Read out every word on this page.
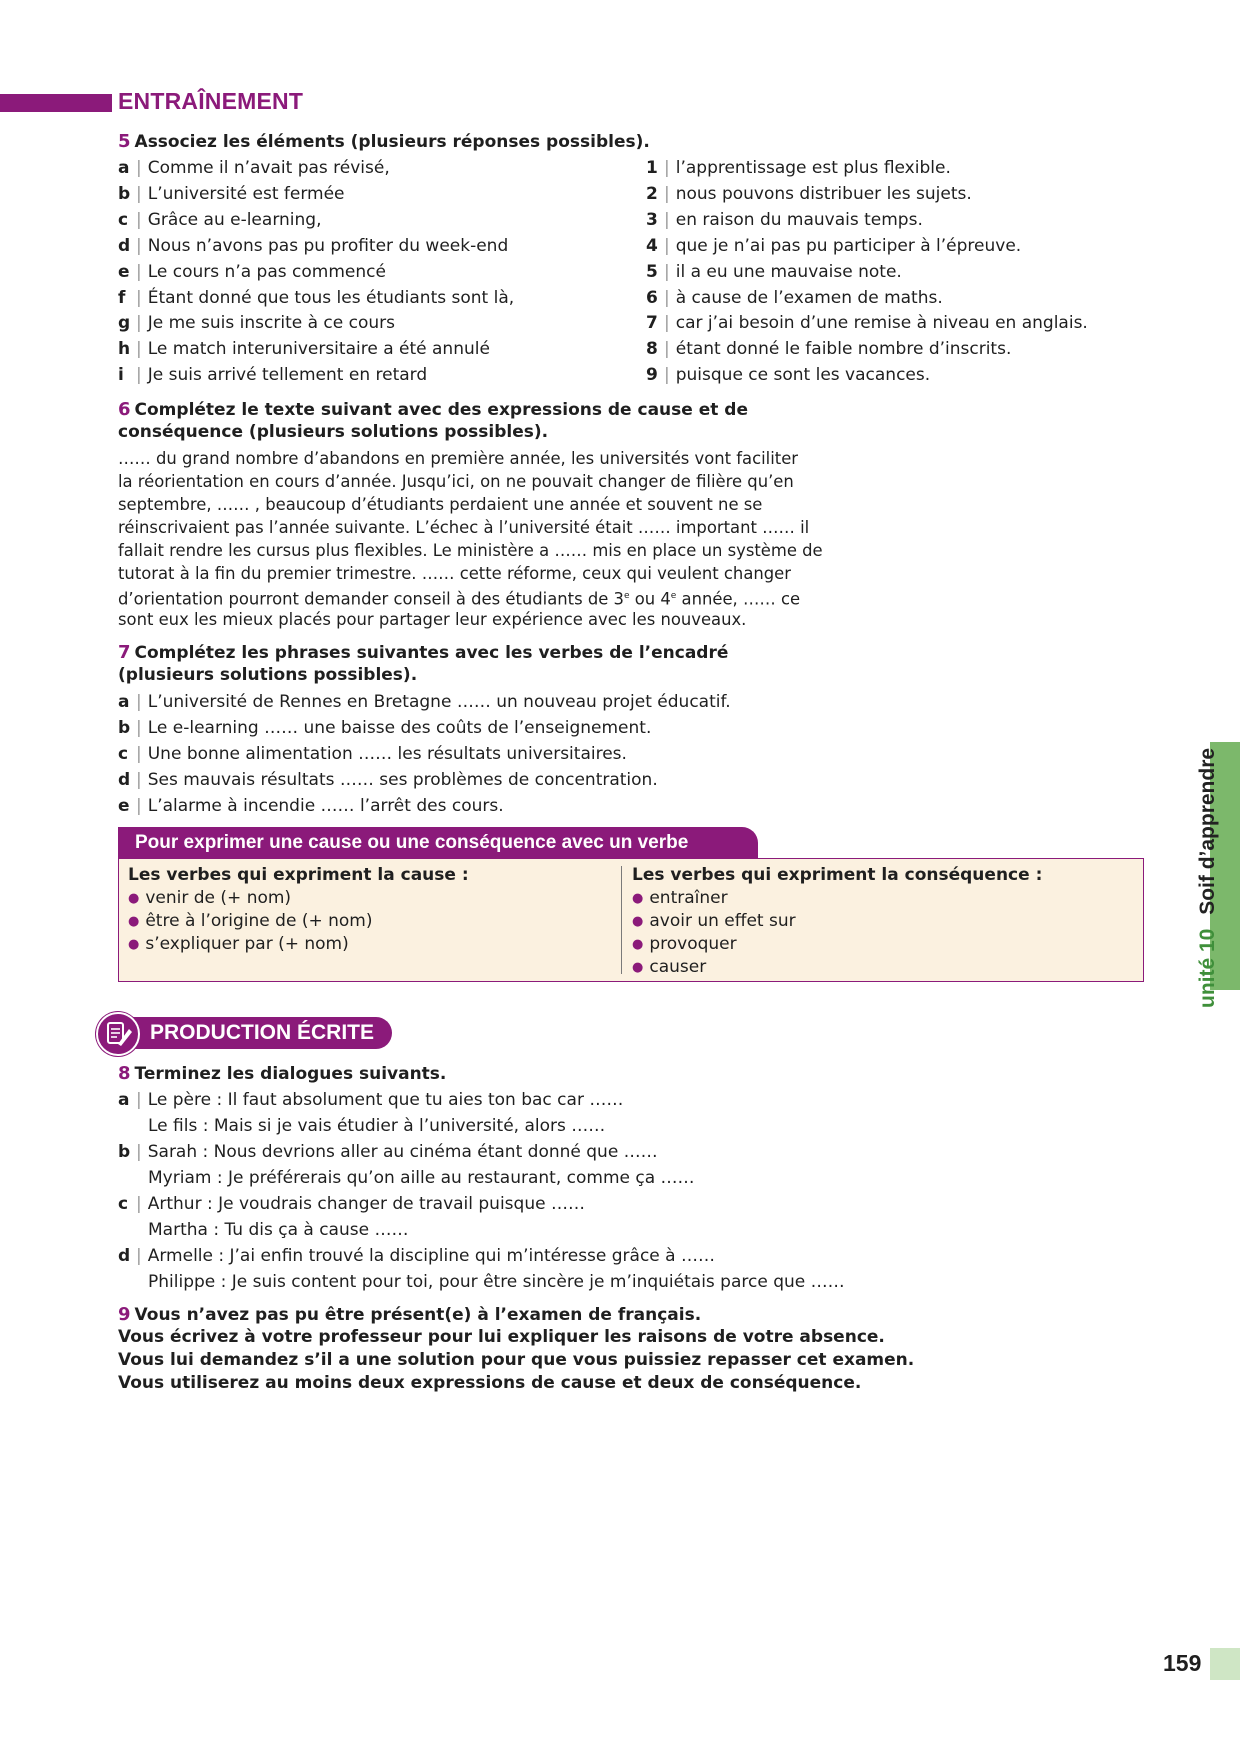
ENTRAÎNEMENT
5 Associez les éléments (plusieurs réponses possibles).
6 Complétez le texte suivant avec des expressions de cause et de
conséquence (plusieurs solutions possibles).
d’orientation pourront demander conseil à des étudiants de 3e ou 4e année, …… ce
sont eux les mieux placés pour partager leur expérience avec les nouveaux.
7 Complétez les phrases suivantes avec les verbes de l’encadré
(plusieurs solutions possibles).
Pour exprimer une cause ou une conséquence avec un verbe
Les verbes qui expriment la cause :	Les verbes qui expriment la conséquence :
PRODUCTION ÉCRITE
8 Terminez les dialogues suivants.
9 Vous n’avez pas pu être présent(e) à l’examen de français.
Vous écrivez à votre professeur pour lui expliquer les raisons de votre absence.
Vous lui demandez s’il a une solution pour que vous puissiez repasser cet examen.
Vous utiliserez au moins deux expressions de cause et deux de conséquence.
unité 10 Soif d’apprendre
159
a | Comme il n’avait pas révisé,
b | L’université est fermée
c | Grâce au e-learning,
d | Nous n’avons pas pu profiter du week-end
e | Le cours n’a pas commencé
f | Étant donné que tous les étudiants sont là,
g | Je me suis inscrite à ce cours
h | Le match interuniversitaire a été annulé
i | Je suis arrivé tellement en retard
1 | l’apprentissage est plus flexible.
2 | nous pouvons distribuer les sujets.
3 | en raison du mauvais temps.
4 | que je n’ai pas pu participer à l’épreuve.
5 | il a eu une mauvaise note.
6 | à cause de l’examen de maths.
7 | car j’ai besoin d’une remise à niveau en anglais.
8 | étant donné le faible nombre d’inscrits.
9 | puisque ce sont les vacances.
…… du grand nombre d’abandons en première année, les universités vont faciliter
la réorientation en cours d’année. Jusqu’ici, on ne pouvait changer de filière qu’en
septembre, …… , beaucoup d’étudiants perdaient une année et souvent ne se
réinscrivaient pas l’année suivante. L’échec à l’université était …… important …… il
fallait rendre les cursus plus flexibles. Le ministère a …… mis en place un système de
tutorat à la fin du premier trimestre. …… cette réforme, ceux qui veulent changer
a | L’université de Rennes en Bretagne …… un nouveau projet éducatif.
b | Le e-learning …… une baisse des coûts de l’enseignement.
c | Une bonne alimentation …… les résultats universitaires.
d | Ses mauvais résultats …… ses problèmes de concentration.
e | L’alarme à incendie …… l’arrêt des cours.
● venir de (+ nom)
● être à l’origine de (+ nom)
● s’expliquer par (+ nom)
● entraîner
● avoir un effet sur
● provoquer
● causer
a | Le père : Il faut absolument que tu aies ton bac car ……
Le fils : Mais si je vais étudier à l’université, alors ……
b | Sarah : Nous devrions aller au cinéma étant donné que ……
Myriam : Je préférerais qu’on aille au restaurant, comme ça ……
c | Arthur : Je voudrais changer de travail puisque ……
Martha : Tu dis ça à cause ……
d | Armelle : J’ai enfin trouvé la discipline qui m’intéresse grâce à ……
Philippe : Je suis content pour toi, pour être sincère je m’inquiétais parce que ……
